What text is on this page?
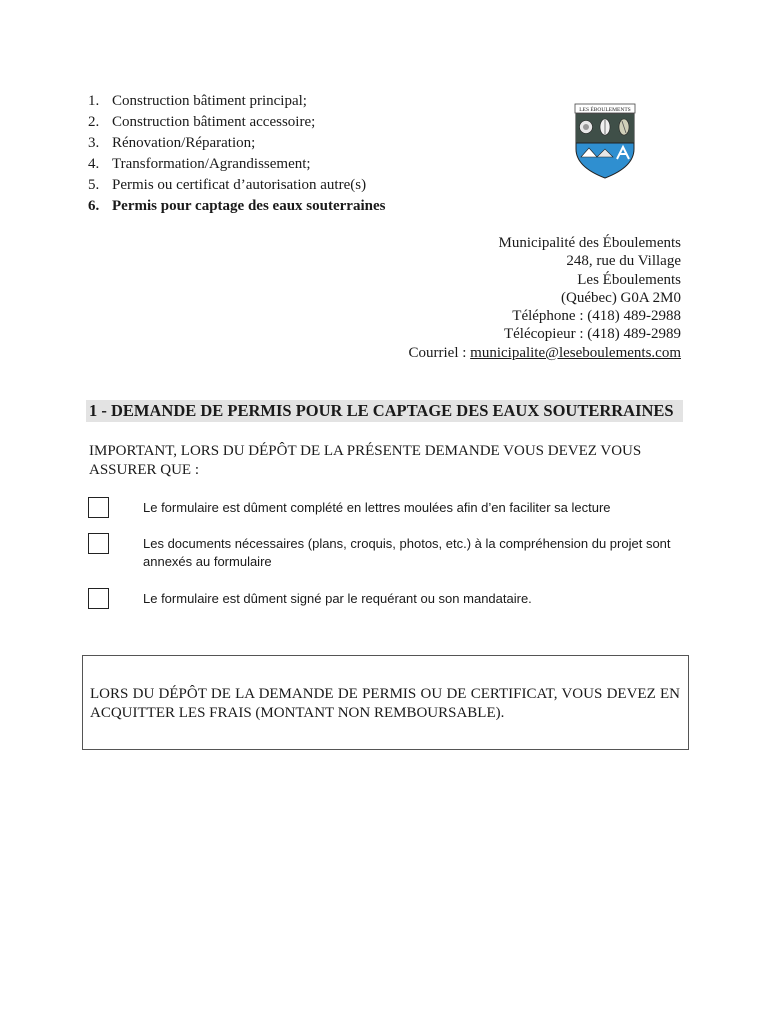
1. Construction bâtiment principal;
2. Construction bâtiment accessoire;
3. Rénovation/Réparation;
4. Transformation/Agrandissement;
5. Permis ou certificat d’autorisation autre(s)
6. Permis pour captage des eaux souterraines
LES ÉBOULEMENTS
Municipalité des Éboulements
248, rue du Village
Les Éboulements
(Québec) G0A 2M0
Téléphone : (418) 489-2988
Télécopieur : (418) 489-2989
Courriel : municipalite@leseboulements.com
1 - DEMANDE DE PERMIS POUR LE CAPTAGE DES EAUX SOUTERRAINES
IMPORTANT, LORS DU DÉPÔT DE LA PRÉSENTE DEMANDE VOUS DEVEZ VOUS ASSURER QUE :
Le formulaire est dûment complété en lettres moulées afin d’en faciliter sa lecture
Les documents nécessaires (plans, croquis, photos, etc.) à la compréhension du projet sont annexés au formulaire
Le formulaire est dûment signé par le requérant ou son mandataire.
LORS DU DÉPÔT DE LA DEMANDE DE PERMIS OU DE CERTIFICAT, VOUS DEVEZ EN ACQUITTER LES FRAIS (MONTANT NON REMBOURSABLE).
